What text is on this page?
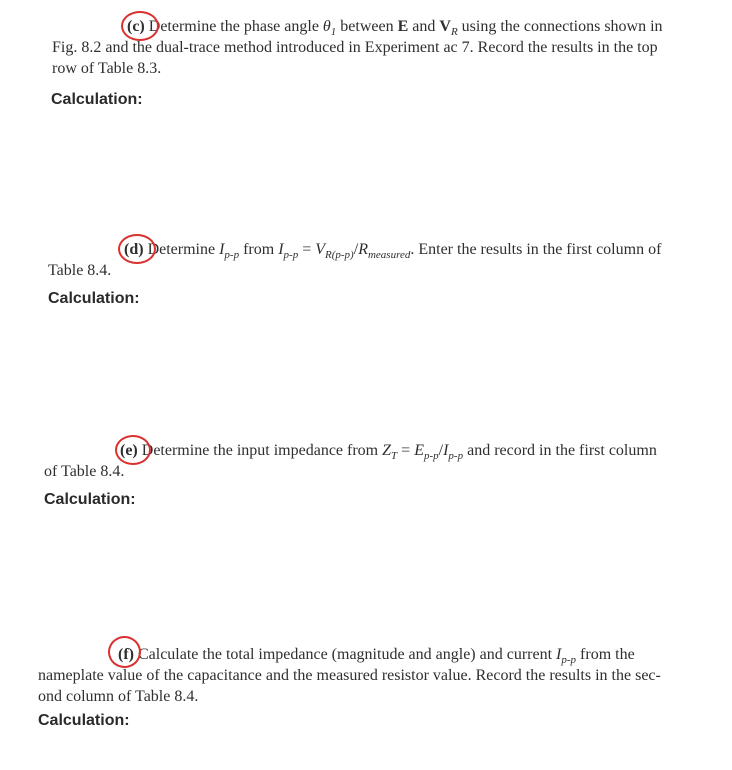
(c) Determine the phase angle $\theta_1$ between E and $V_R$ using the connections shown in
Fig. 8.2 and the dual-trace method introduced in Experiment ac 7. Record the results in the top
row of Table 8.3.
Calculation:
(d) Determine $I_{p-p}$ from $I_{p-p} = V_{R(p-p)}/R_{measured}$. Enter the results in the first column of
Table 8.4.
Calculation:
(e) Determine the input impedance from $Z_T = E_{p-p}/I_{p-p}$ and record in the first column
of Table 8.4.
Calculation:
(f) Calculate the total impedance (magnitude and angle) and current $I_{p-p}$ from the
nameplate value of the capacitance and the measured resistor value. Record the results in the sec-
ond column of Table 8.4.
Calculation:
